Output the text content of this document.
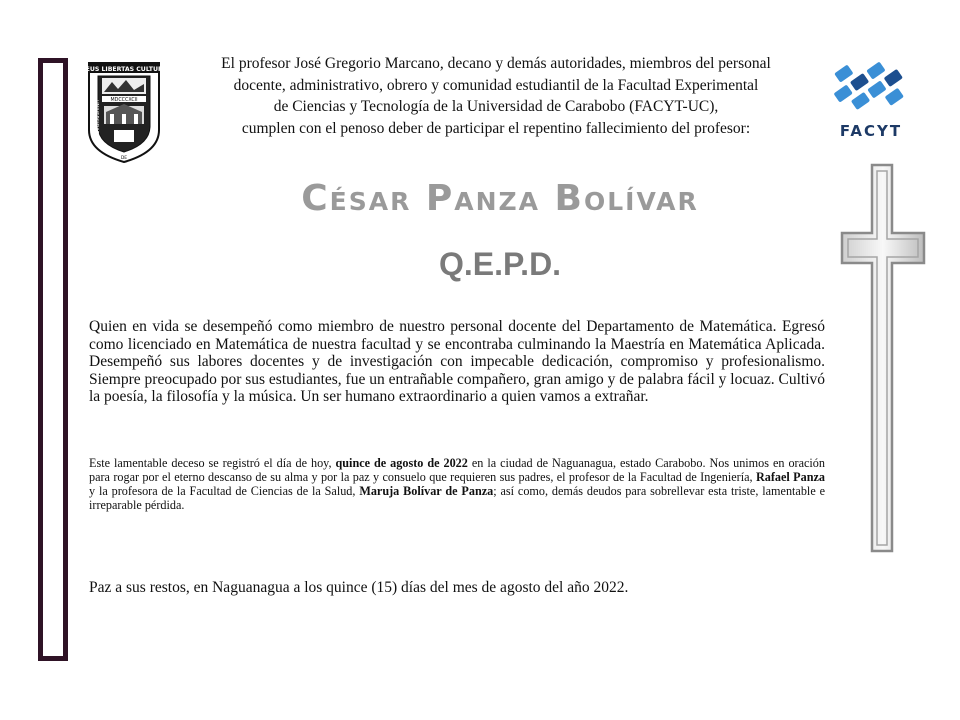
DEUS LIBERTAS CULTURA
MDCCCXCII
UNIVERSIDAD	CARABOBO
DE
El profesor José Gregorio Marcano, decano y demás autoridades, miembros del personal
docente, administrativo, obrero y comunidad estudiantil de la Facultad Experimental
de Ciencias y Tecnología de la Universidad de Carabobo (FACYT-UC),
cumplen con el penoso deber de participar el repentino fallecimiento del profesor:	FACYT
César Panza Bolívar
Q.E.P.D.
Quien en vida se desempeñó como miembro de nuestro personal docente del Departamento de Matemática. Egresó como licenciado en Matemática de nuestra facultad y se encontraba culminando la Maestría en Matemática Aplicada. Desempeñó sus labores docentes y de investigación con impecable dedicación, compromiso y profesionalismo. Siempre preocupado por sus estudiantes, fue un entrañable compañero, gran amigo y de palabra fácil y locuaz. Cultivó la poesía, la filosofía y la música. Un ser humano extraordinario a quien vamos a extrañar.
Este lamentable deceso se registró el día de hoy, quince de agosto de 2022 en la ciudad de Naguanagua, estado Carabobo. Nos unimos en oración para rogar por el eterno descanso de su alma y por la paz y consuelo que requieren sus padres, el profesor de la Facultad de Ingeniería, Rafael Panza y la profesora de la Facultad de Ciencias de la Salud, Maruja Bolívar de Panza; así como, demás deudos para sobrellevar esta triste, lamentable e irreparable pérdida.
Paz a sus restos, en Naguanagua a los quince (15) días del mes de agosto del año 2022.
